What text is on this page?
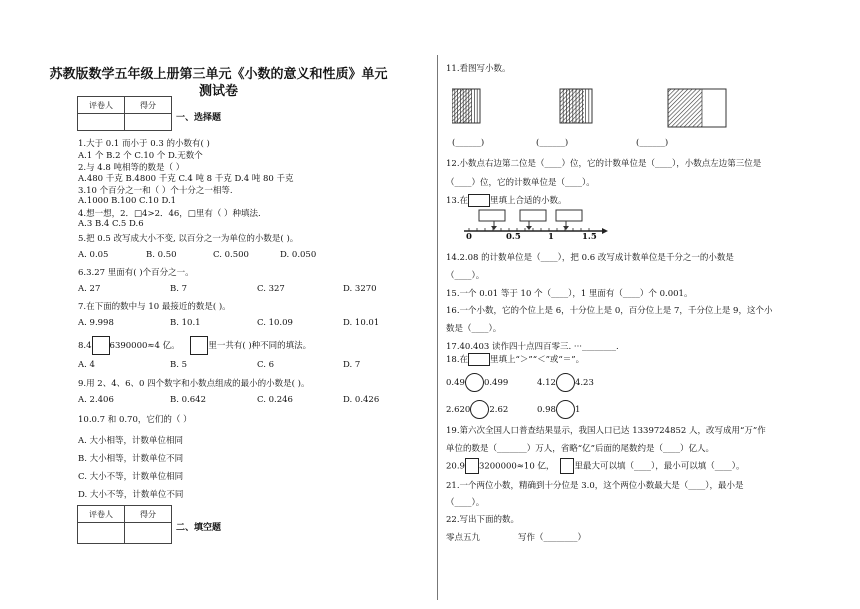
苏教版数学五年级上册第三单元《小数的意义和性质》单元
测试卷
评卷人	得分

一、选择题
1.大于 0.1 而小于 0.3 的小数有( )
A.1 个 B.2 个 C.10 个 D.无数个
2.与 4.8 吨相等的数是（ ）
A.480 千克 B.4800 千克 C.4 吨 8 千克 D.4 吨 80 千克
3.10 个百分之一和（ ）个十分之一相等.
A.1000 B.100 C.10 D.1
4.想一想，2．□4>2．46，□里有（ ）种填法.
A.3 B.4 C.5 D.6
5.把 0.5 改写成大小不变, 以百分之一为单位的小数是( )。
A. 0.05	B. 0.50	C. 0.500	D. 0.050
6.3.27 里面有( )个百分之一。
A. 27	B. 7	C. 327	D. 3270
7.在下面的数中与 10 最接近的数是( )。
A. 9.998	B. 10.1	C. 10.09	D. 10.01
8.4 6390000≈4 亿。	里一共有( )种不同的填法。
A. 4	B. 5	C. 6	D. 7
9.用 2、4、6、0 四个数字和小数点组成的最小的小数是( )。
A. 2.406	B. 0.642	C. 0.246	D. 0.426
10.0.7 和 0.70，它们的（ ）
A. 大小相等，计数单位相同
B. 大小相等，计数单位不同
C. 大小不等，计数单位相同
D. 大小不等，计数单位不同
评卷人	得分

二、填空题
11.看图写小数。
(______)	(______)	(______)
12.小数点右边第二位是（____）位，它的计数单位是（____），小数点左边第三位是
（____）位，它的计数单位是（____）。
13.在	里填上合适的小数。
0	0.5	1	1.5
14.2.08 的计数单位是（____），把 0.6 改写成计数单位是千分之一的小数是
（____）。
15.一个 0.01 等于 10 个（____），1 里面有（____）个 0.001。
16.一个小数，它的个位上是 6，十分位上是 0，百分位上是 7，千分位上是 9，这个小
数是（____）。
17.40.403 读作四十点四百零三. ···________.
18.在	里填上“＞”“＜”或“＝”。
0.49 0.499	4.12 4.23
2.620 2.62	0.98 1
19.第六次全国人口普查结果显示，我国人口已达 1339724852 人，改写成用“万”作
单位的数是（_______）万人，省略“亿”后面的尾数约是（____）亿人。
20.9 3200000≈10 亿， 里最大可以填（____），最小可以填（____）。
21.一个两位小数，精确到十分位是 3.0，这个两位小数最大是（____），最小是
（____）。
22.写出下面的数。
零点五九	写作（________）
